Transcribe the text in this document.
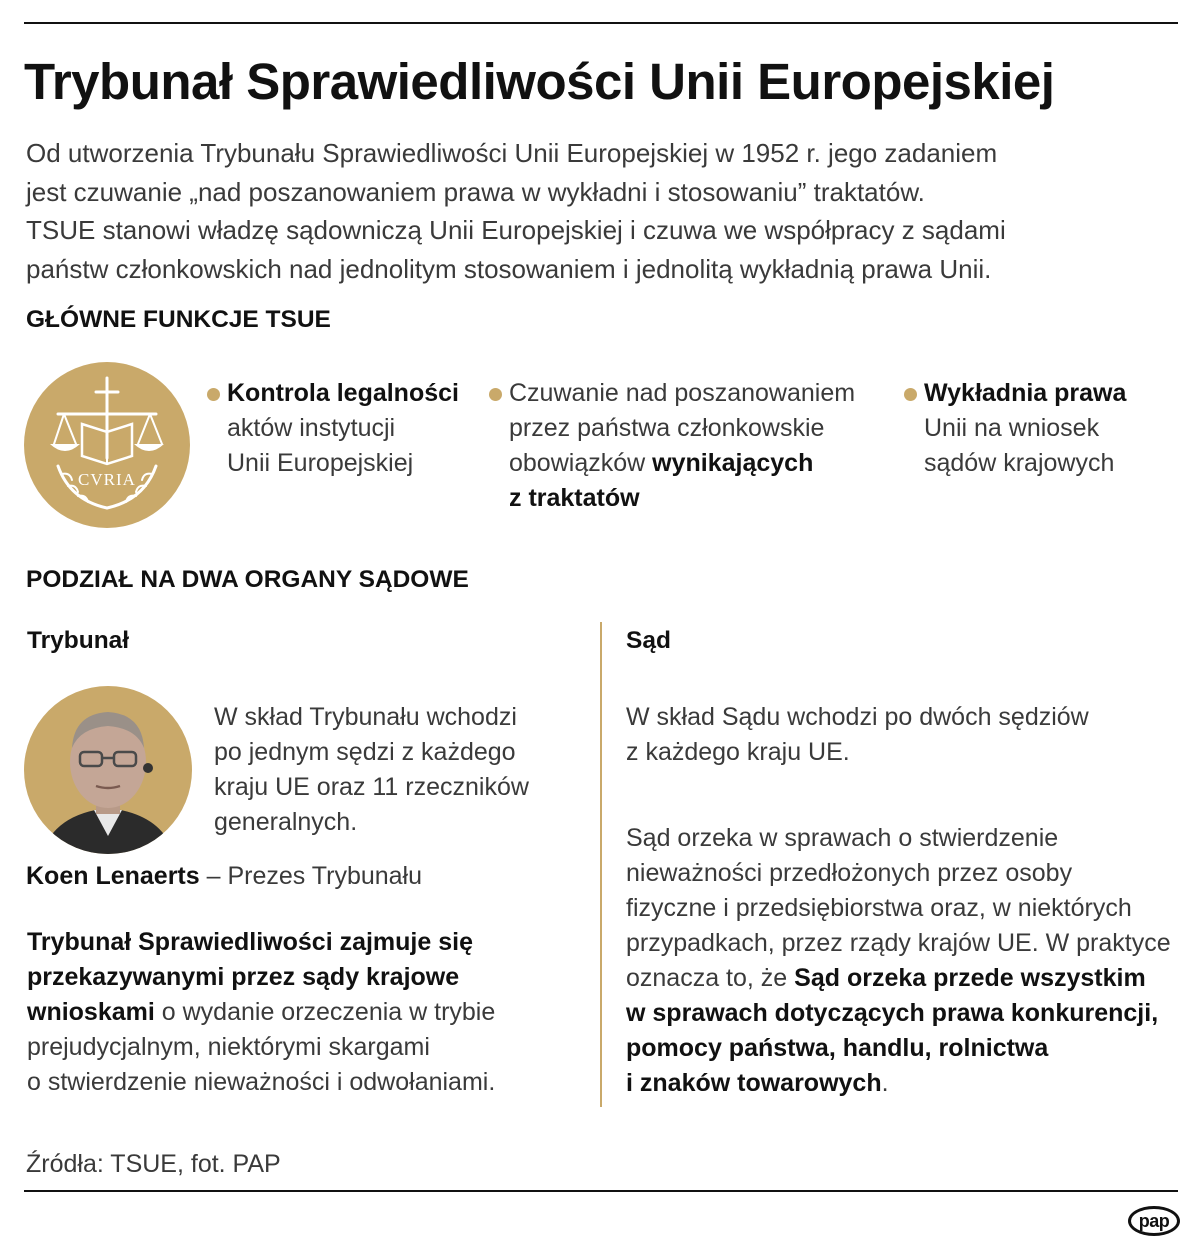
Trybunał Sprawiedliwości Unii Europejskiej
Od utworzenia Trybunału Sprawiedliwości Unii Europejskiej w 1952 r. jego zadaniem
jest czuwanie „nad poszanowaniem prawa w wykładni i stosowaniu” traktatów.
TSUE stanowi władzę sądowniczą Unii Europejskiej i czuwa we współpracy z sądami
państw członkowskich nad jednolitym stosowaniem i jednolitą wykładnią prawa Unii.
GŁÓWNE FUNKCJE TSUE
CVRIA
Kontrola legalności
aktów instytucji
Unii Europejskiej
Czuwanie nad poszanowaniem
przez państwa członkowskie
obowiązków wynikających
z traktatów
Wykładnia prawa
Unii na wniosek
sądów krajowych
PODZIAŁ NA DWA ORGANY SĄDOWE
Trybunał	Sąd
W skład Trybunału wchodzi
po jednym sędzi z każdego
kraju UE oraz 11 rzeczników
generalnych.
Koen Lenaerts – Prezes Trybunału
Trybunał Sprawiedliwości zajmuje się
przekazywanymi przez sądy krajowe
wnioskami o wydanie orzeczenia w trybie
prejudycjalnym, niektórymi skargami
o stwierdzenie nieważności i odwołaniami.
W skład Sądu wchodzi po dwóch sędziów
z każdego kraju UE.
Sąd orzeka w sprawach o stwierdzenie
nieważności przedłożonych przez osoby
fizyczne i przedsiębiorstwa oraz, w niektórych
przypadkach, przez rządy krajów UE. W praktyce
oznacza to, że Sąd orzeka przede wszystkim
w sprawach dotyczących prawa konkurencji,
pomocy państwa, handlu, rolnictwa
i znaków towarowych.
Źródła: TSUE, fot. PAP
pap
